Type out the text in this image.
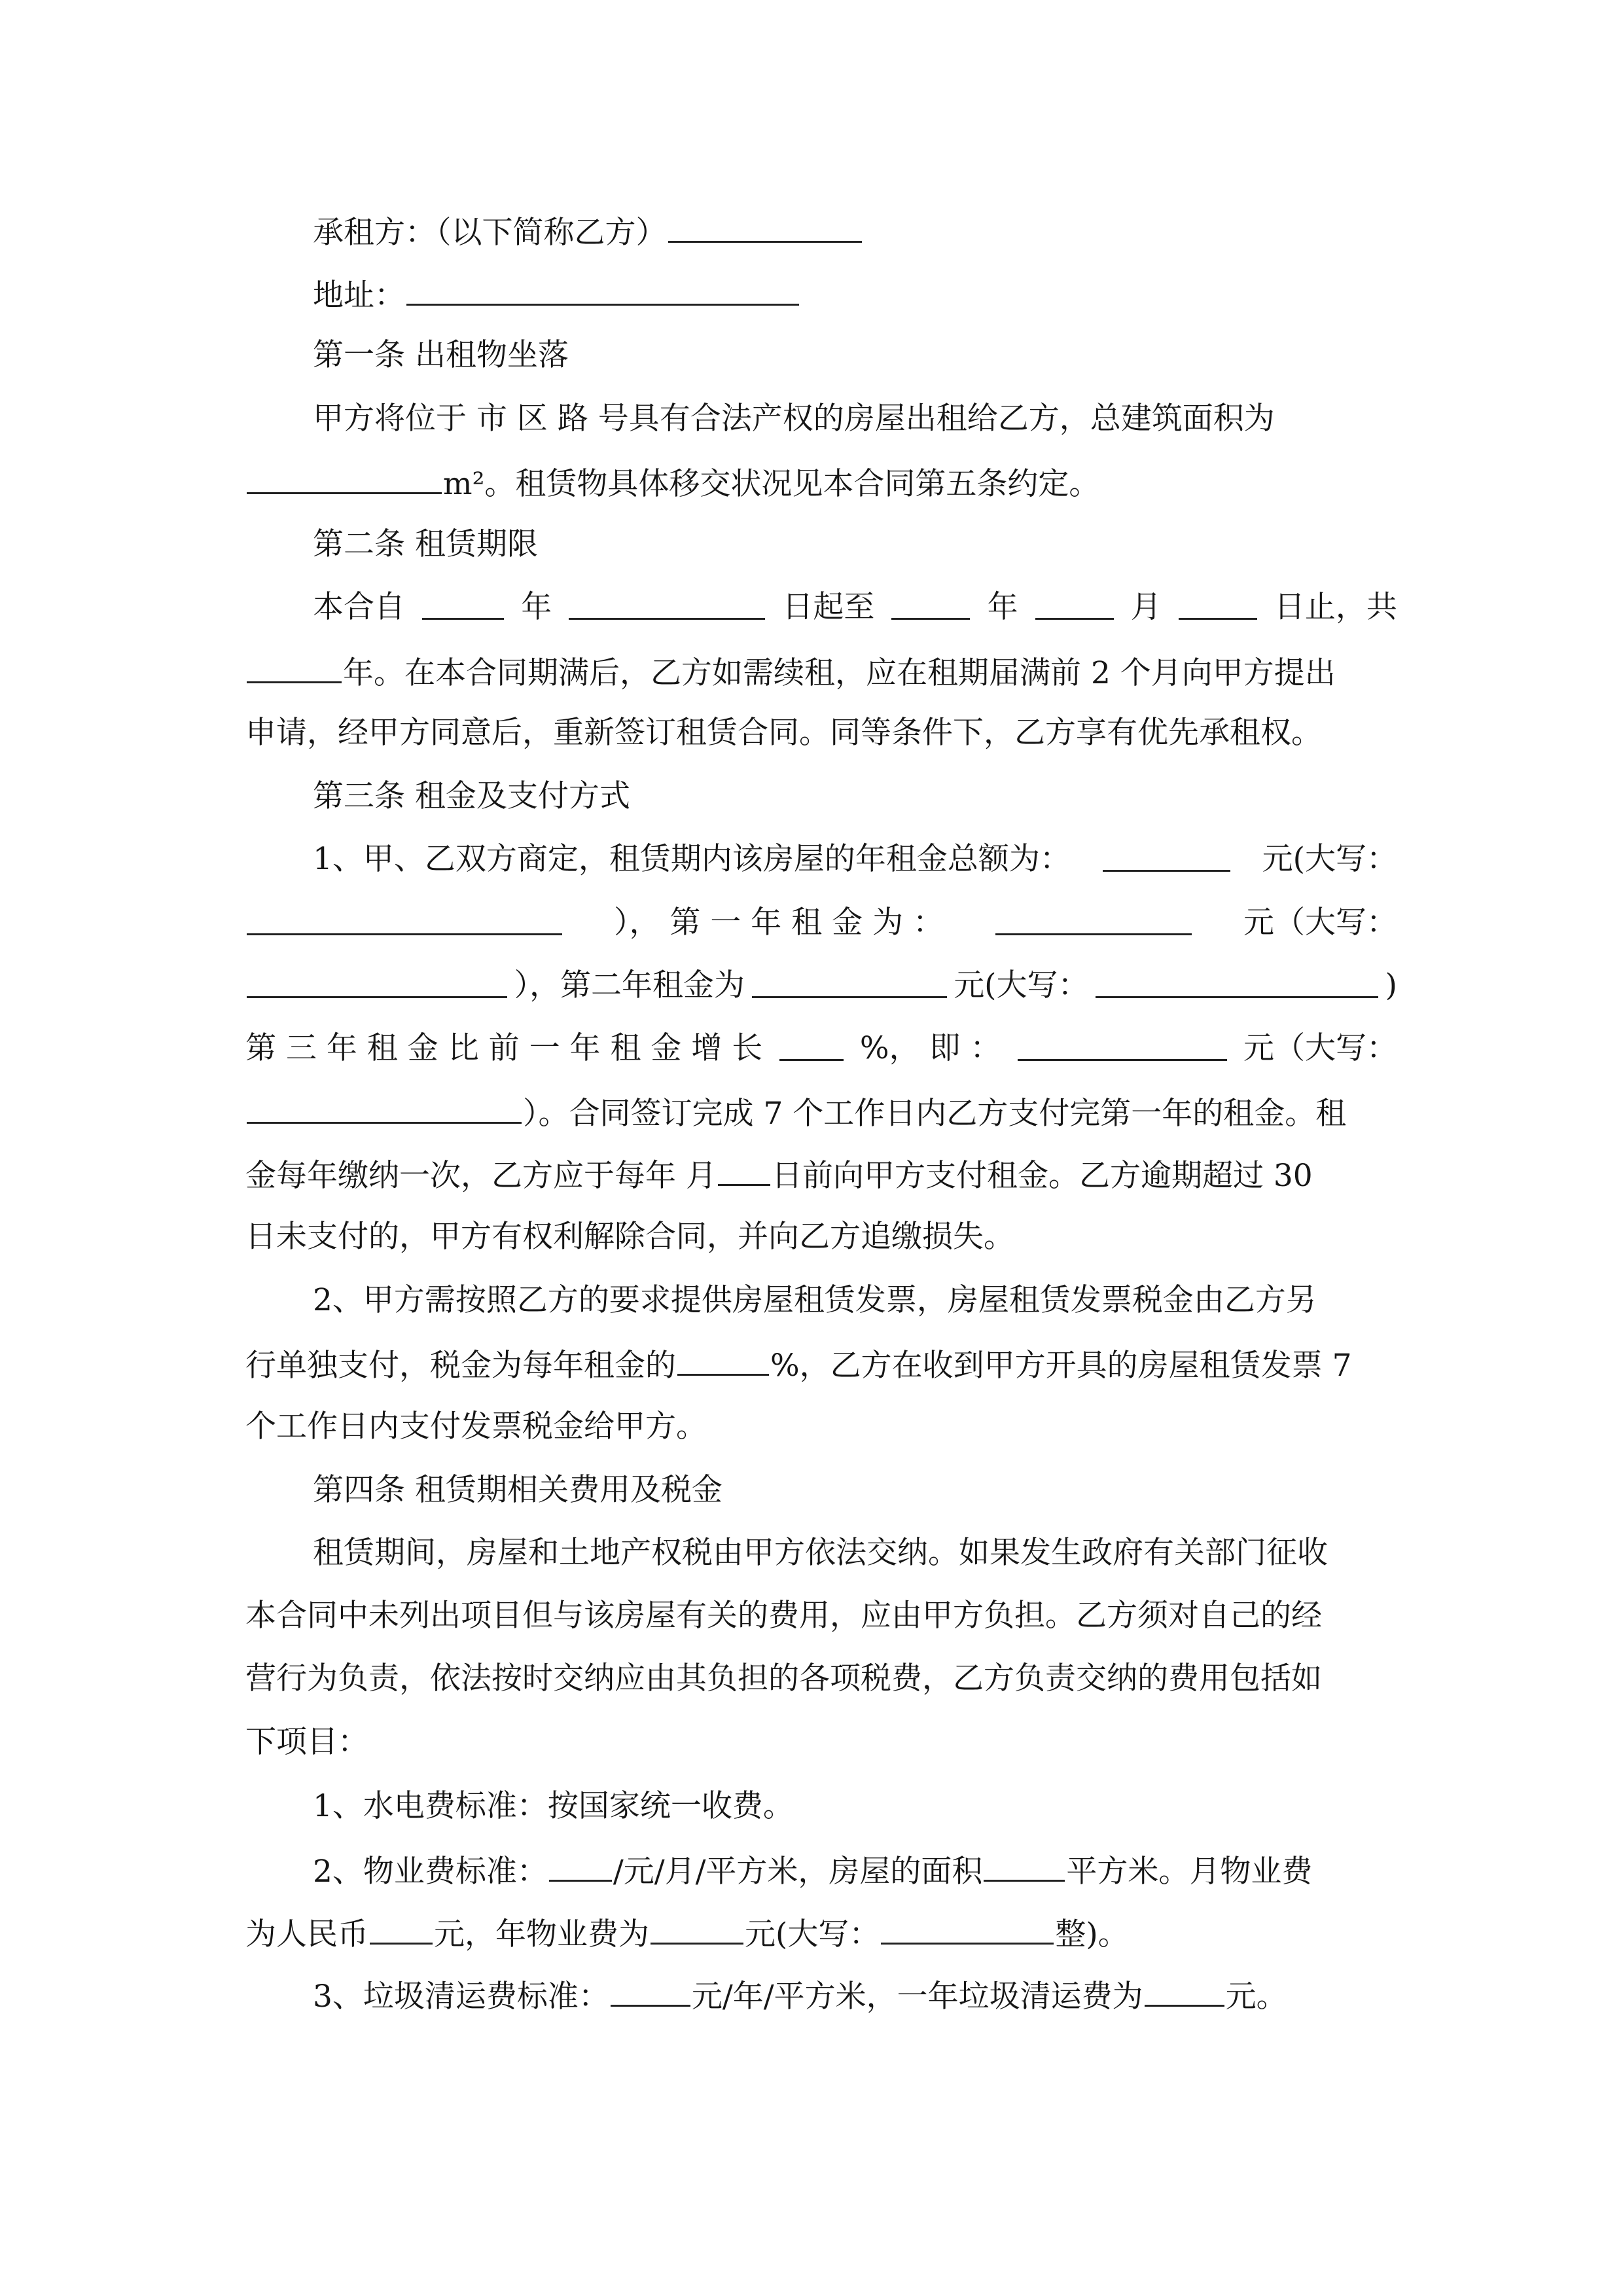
承租方：（以下简称乙方）
地址：
第一条 出租物坐落
甲方将位于 市 区 路 号具有合法产权的房屋出租给乙方，总建筑面积为
m²。租赁物具体移交状况见本合同第五条约定。
第二条 租赁期限
本合自	年	日起至	年	月	日止，共
年。在本合同期满后，乙方如需续租，应在租期届满前 2 个月向甲方提出
申请，经甲方同意后，重新签订租赁合同。同等条件下，乙方享有优先承租权。
第三条 租金及支付方式
1、甲、乙双方商定，租赁期内该房屋的年租金总额为：	元(大写：
）， 第 一 年 租 金 为 ：	元（大写：
），第二年租金为	元(大写：	)
第 三 年 租 金 比 前 一 年 租 金 增 长	%， 即 ：	元（大写：
）。合同签订完成 7 个工作日内乙方支付完第一年的租金。租
金每年缴纳一次，乙方应于每年 月 日前向甲方支付租金。乙方逾期超过 30
日未支付的，甲方有权利解除合同，并向乙方追缴损失。
2、甲方需按照乙方的要求提供房屋租赁发票，房屋租赁发票税金由乙方另
行单独支付，税金为每年租金的	%，乙方在收到甲方开具的房屋租赁发票 7
个工作日内支付发票税金给甲方。
第四条 租赁期相关费用及税金
租赁期间，房屋和土地产权税由甲方依法交纳。如果发生政府有关部门征收
本合同中未列出项目但与该房屋有关的费用，应由甲方负担。乙方须对自己的经
营行为负责，依法按时交纳应由其负担的各项税费，乙方负责交纳的费用包括如
下项目：
1、水电费标准：按国家统一收费。
2、物业费标准： /元/月/平方米，房屋的面积	平方米。月物业费
为人民币 元，年物业费为	元(大写：	整)。
3、垃圾清运费标准：	元/年/平方米，一年垃圾清运费为	元。
